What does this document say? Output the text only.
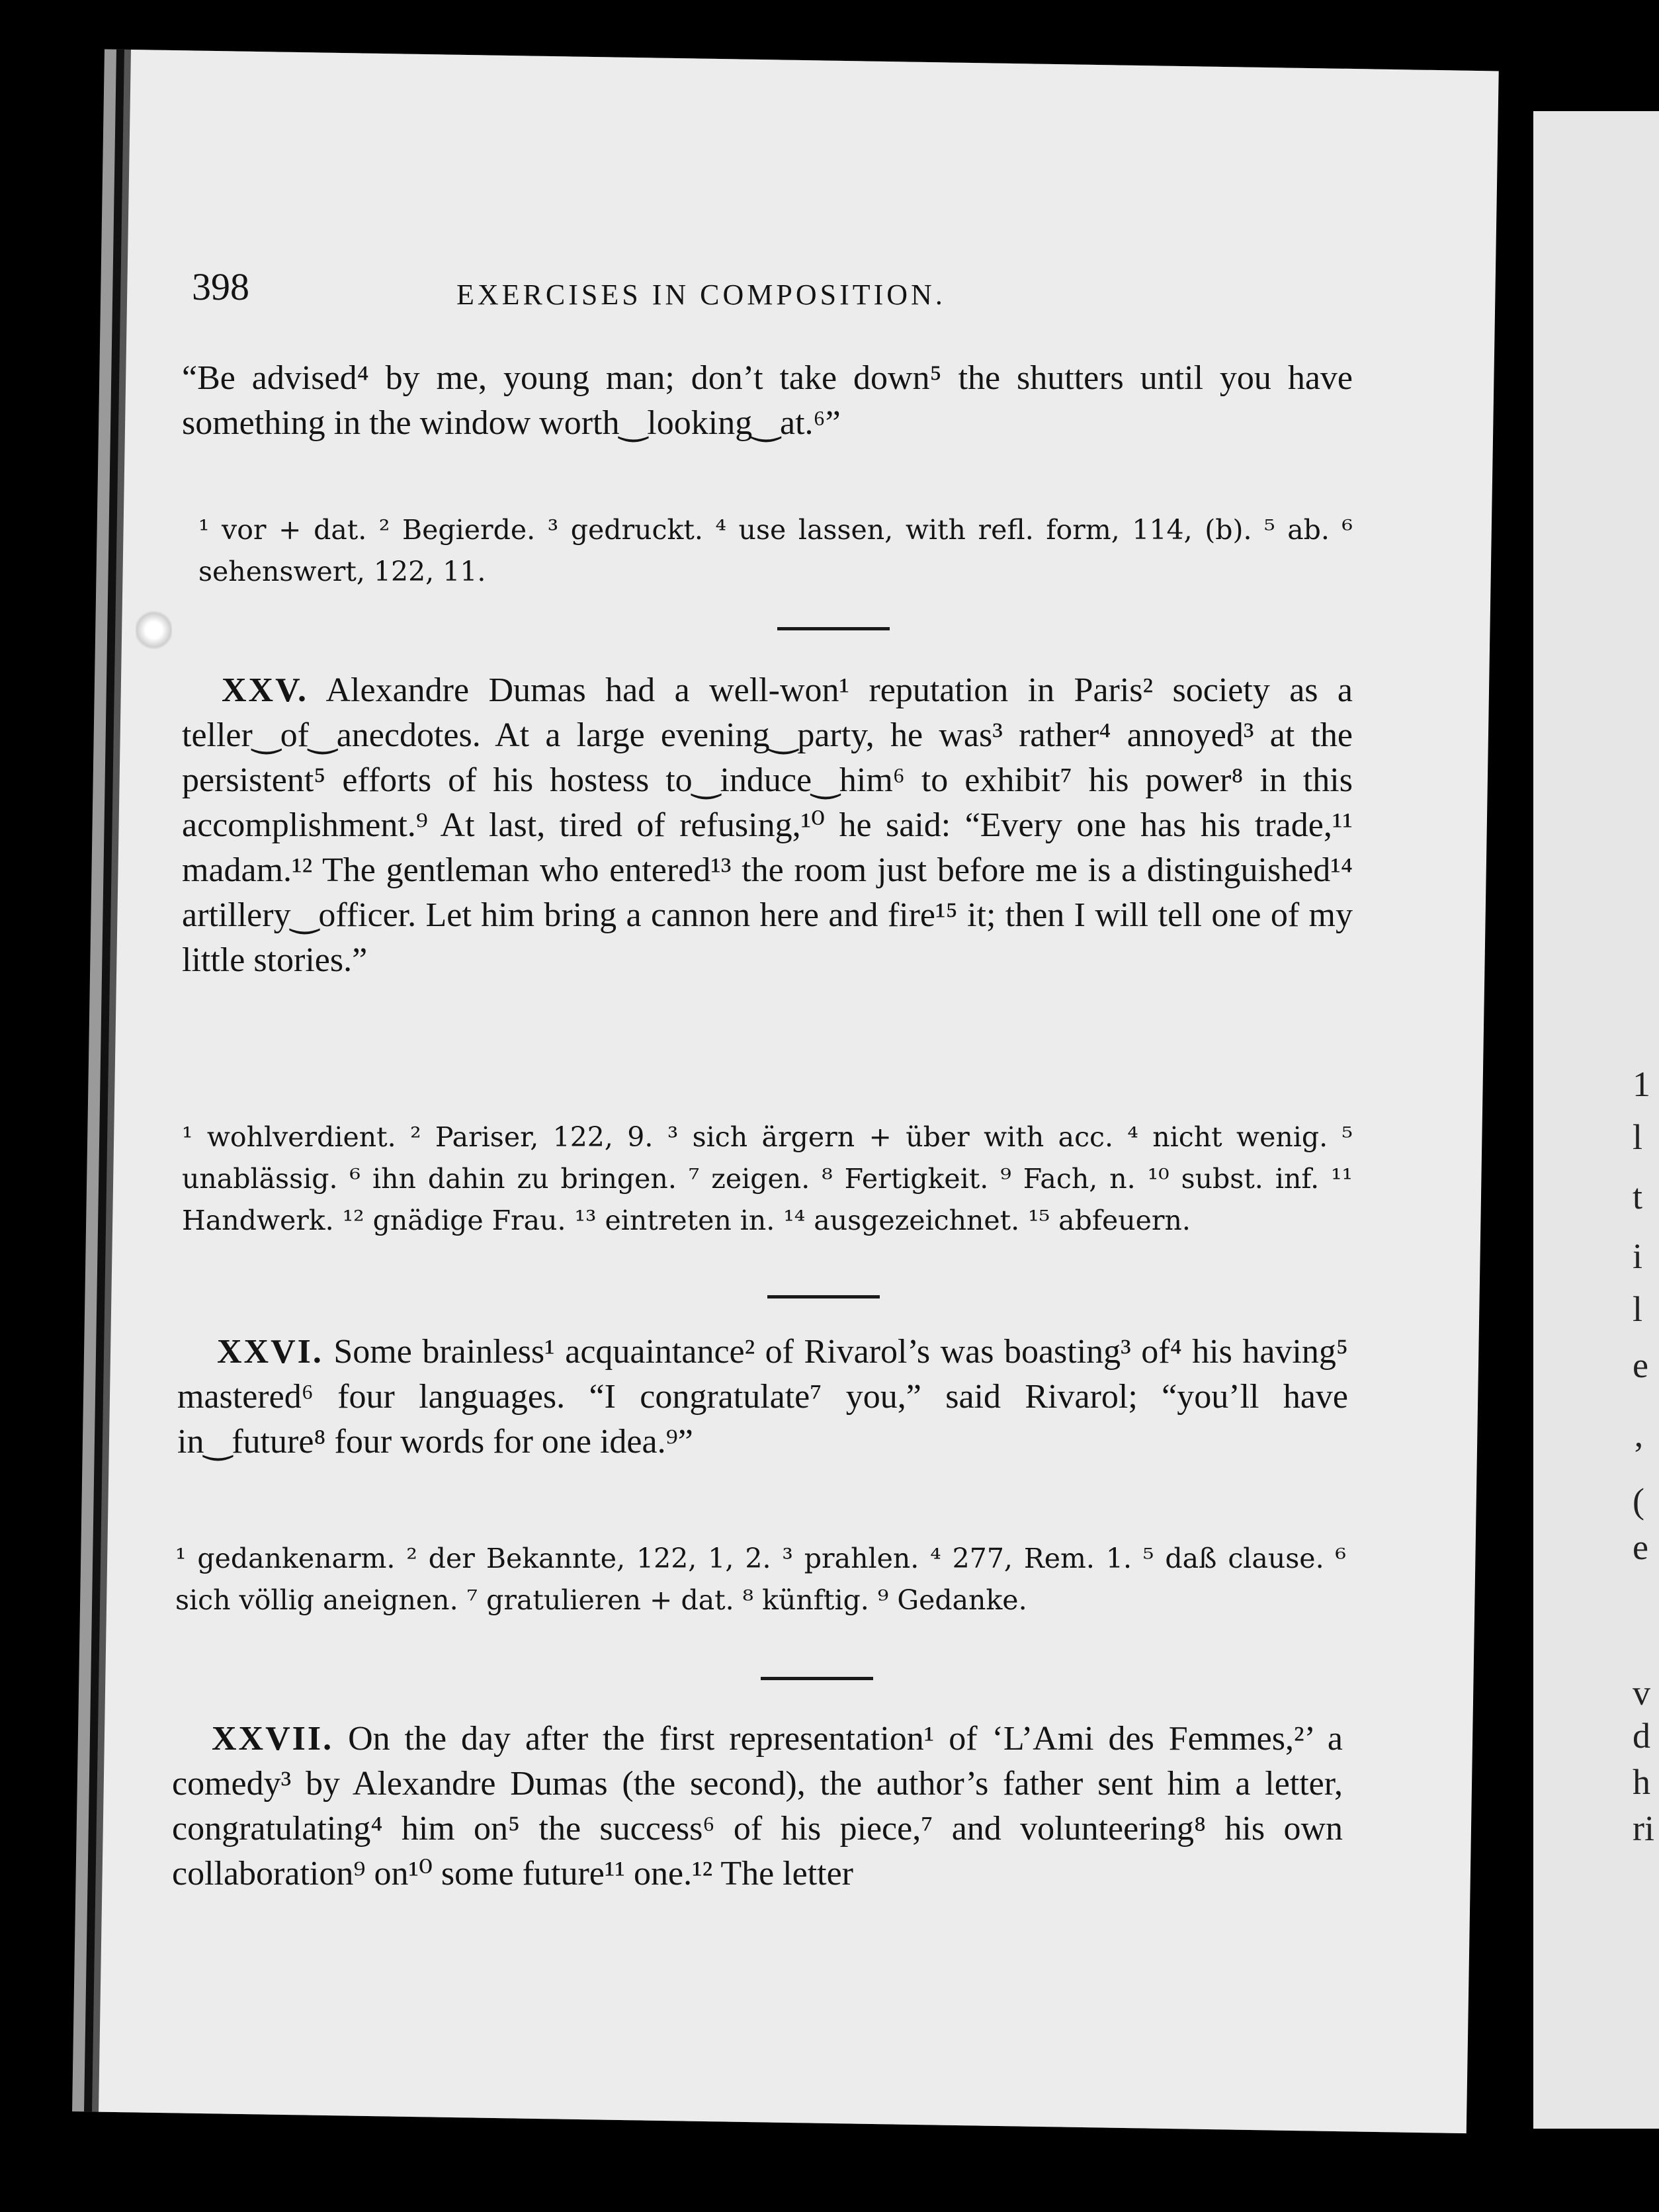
1
l
t
i
l
e
’
(
e
v
d
h
ri
398	EXERCISES IN COMPOSITION.
“Be advised⁴ by me, young man; don’t take down⁵ the shutters until you have something in the window worth‿looking‿at.⁶”
¹ vor + dat. ² Begierde. ³ gedruckt. ⁴ use lassen, with refl. form, 114, (b). ⁵ ab. ⁶ sehenswert, 122, 11.
XXV. Alexandre Dumas had a well-won¹ reputation in Paris² society as a teller‿of‿anecdotes. At a large evening‿party, he was³ rather⁴ annoyed³ at the persistent⁵ efforts of his hostess to‿induce‿him⁶ to exhibit⁷ his power⁸ in this accomplishment.⁹ At last, tired of refusing,¹⁰ he said: “Every one has his trade,¹¹ madam.¹² The gentleman who entered¹³ the room just before me is a distinguished¹⁴ artillery‿officer. Let him bring a cannon here and fire¹⁵ it; then I will tell one of my little stories.”
¹ wohlverdient. ² Pariser, 122, 9. ³ sich ärgern + über with acc. ⁴ nicht wenig. ⁵ unablässig. ⁶ ihn dahin zu bringen. ⁷ zeigen. ⁸ Fertigkeit. ⁹ Fach, n. ¹⁰ subst. inf. ¹¹ Handwerk. ¹² gnädige Frau. ¹³ eintreten in. ¹⁴ ausgezeichnet. ¹⁵ abfeuern.
XXVI. Some brainless¹ acquaintance² of Rivarol’s was boasting³ of⁴ his having⁵ mastered⁶ four languages. “I congratulate⁷ you,” said Rivarol; “you’ll have in‿future⁸ four words for one idea.⁹”
¹ gedankenarm. ² der Bekannte, 122, 1, 2. ³ prahlen. ⁴ 277, Rem. 1. ⁵ daß clause. ⁶ sich völlig aneignen. ⁷ gratulieren + dat. ⁸ künftig. ⁹ Gedanke.
XXVII. On the day after the first representation¹ of ‘L’Ami des Femmes,²’ a comedy³ by Alexandre Dumas (the second), the author’s father sent him a letter, congratulating⁴ him on⁵ the success⁶ of his piece,⁷ and volunteering⁸ his own collaboration⁹ on¹⁰ some future¹¹ one.¹² The letter
